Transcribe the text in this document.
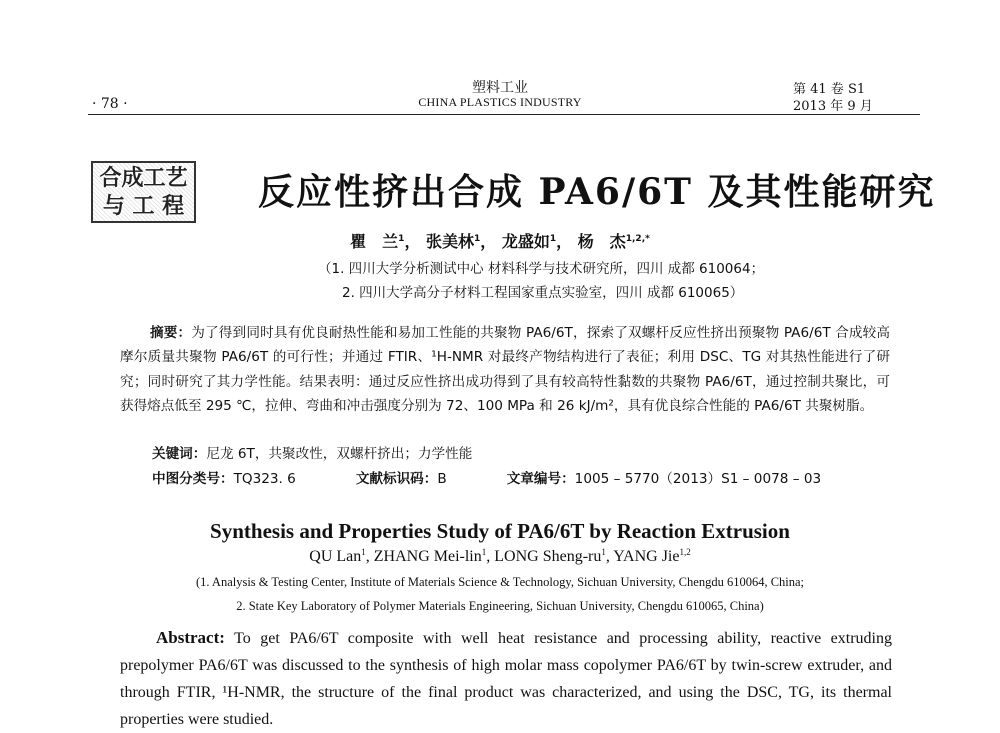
· 78 ·
塑料工业
CHINA PLASTICS INDUSTRY
第 41 卷 S1
2013 年 9 月
合成工艺
与 工 程 反应性挤出合成 PA6/6T 及其性能研究
瞿　兰$^1$， 张美林$^1$， 龙盛如$^1$， 杨　杰$^{1,2,*}$
（1. 四川大学分析测试中心 材料科学与技术研究所，四川 成都 610064；
2. 四川大学高分子材料工程国家重点实验室，四川 成都 610065）
摘要：为了得到同时具有优良耐热性能和易加工性能的共聚物 PA6/6T，探索了双螺杆反应性挤出预聚物 PA6/6T 合成较高摩尔质量共聚物 PA6/6T 的可行性；并通过 FTIR、¹H-NMR 对最终产物结构进行了表征；利用 DSC、TG 对其热性能进行了研究；同时研究了其力学性能。结果表明：通过反应性挤出成功得到了具有较高特性黏数的共聚物 PA6/6T，通过控制共聚比，可获得熔点低至 295 ℃，拉伸、弯曲和冲击强度分别为 72、100 MPa 和 26 kJ/m²，具有优良综合性能的 PA6/6T 共聚树脂。
关键词：尼龙 6T，共聚改性，双螺杆挤出；力学性能
中图分类号：TQ323. 6	文献标识码：B	文章编号：1005 – 5770（2013）S1 – 0078 – 03
Synthesis and Properties Study of PA6/6T by Reaction Extrusion
QU Lan$^1$, ZHANG Mei-lin$^1$, LONG Sheng-$ru^1$, YANG Jie$^{1,2}$
(1. Analysis & Testing Center, Institute of Materials Science & Technology, Sichuan University, Chengdu 610064, China;
2. State Key Laboratory of Polymer Materials Engineering, Sichuan University, Chengdu 610065, China)
Abstract: To get PA6/6T composite with well heat resistance and processing ability, reactive extruding prepolymer PA6/6T was discussed to the synthesis of high molar mass copolymer PA6/6T by twin-screw extruder, and through FTIR, ¹H-NMR, the structure of the final product was characterized, and using the DSC, TG, its thermal properties were studied.
